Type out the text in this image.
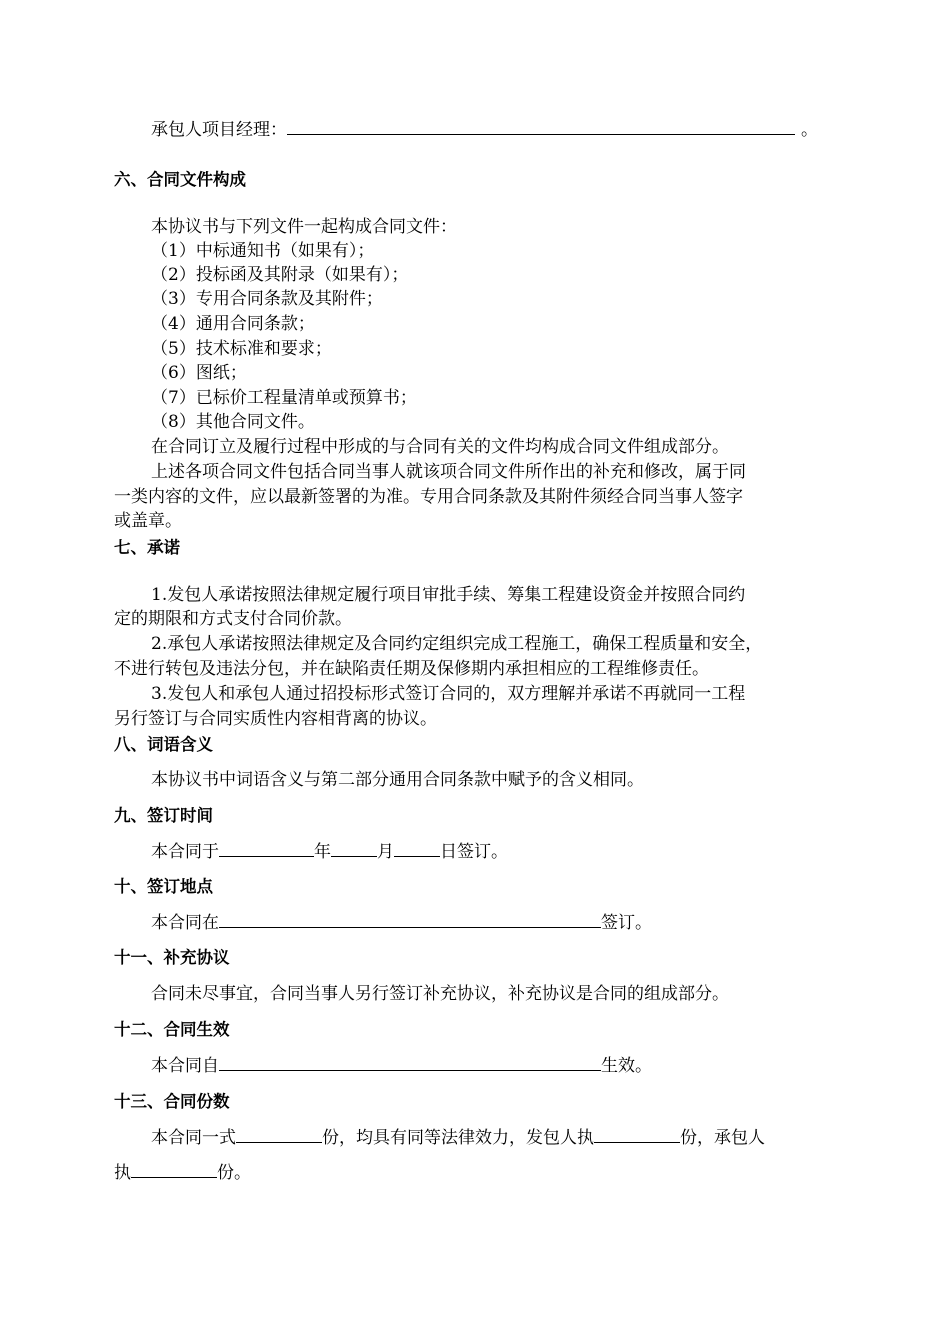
承包人项目经理：	。
六、合同文件构成
本协议书与下列文件一起构成合同文件：
（1）中标通知书（如果有）；
（2）投标函及其附录（如果有）；
（3）专用合同条款及其附件；
（4）通用合同条款；
（5）技术标准和要求；
（6）图纸；
（7）已标价工程量清单或预算书；
（8）其他合同文件。
在合同订立及履行过程中形成的与合同有关的文件均构成合同文件组成部分。
上述各项合同文件包括合同当事人就该项合同文件所作出的补充和修改，属于同
一类内容的文件，应以最新签署的为准。专用合同条款及其附件须经合同当事人签字
或盖章。
七、承诺
1.发包人承诺按照法律规定履行项目审批手续、筹集工程建设资金并按照合同约
定的期限和方式支付合同价款。
2.承包人承诺按照法律规定及合同约定组织完成工程施工，确保工程质量和安全，
不进行转包及违法分包，并在缺陷责任期及保修期内承担相应的工程维修责任。
3.发包人和承包人通过招投标形式签订合同的，双方理解并承诺不再就同一工程
另行签订与合同实质性内容相背离的协议。
八、词语含义
本协议书中词语含义与第二部分通用合同条款中赋予的含义相同。
九、签订时间
本合同于	年	月	日签订。
十、签订地点
本合同在	签订。
十一、补充协议
合同未尽事宜，合同当事人另行签订补充协议，补充协议是合同的组成部分。
十二、合同生效
本合同自	生效。
十三、合同份数
本合同一式	份，均具有同等法律效力，发包人执	份，承包人
执	份。
